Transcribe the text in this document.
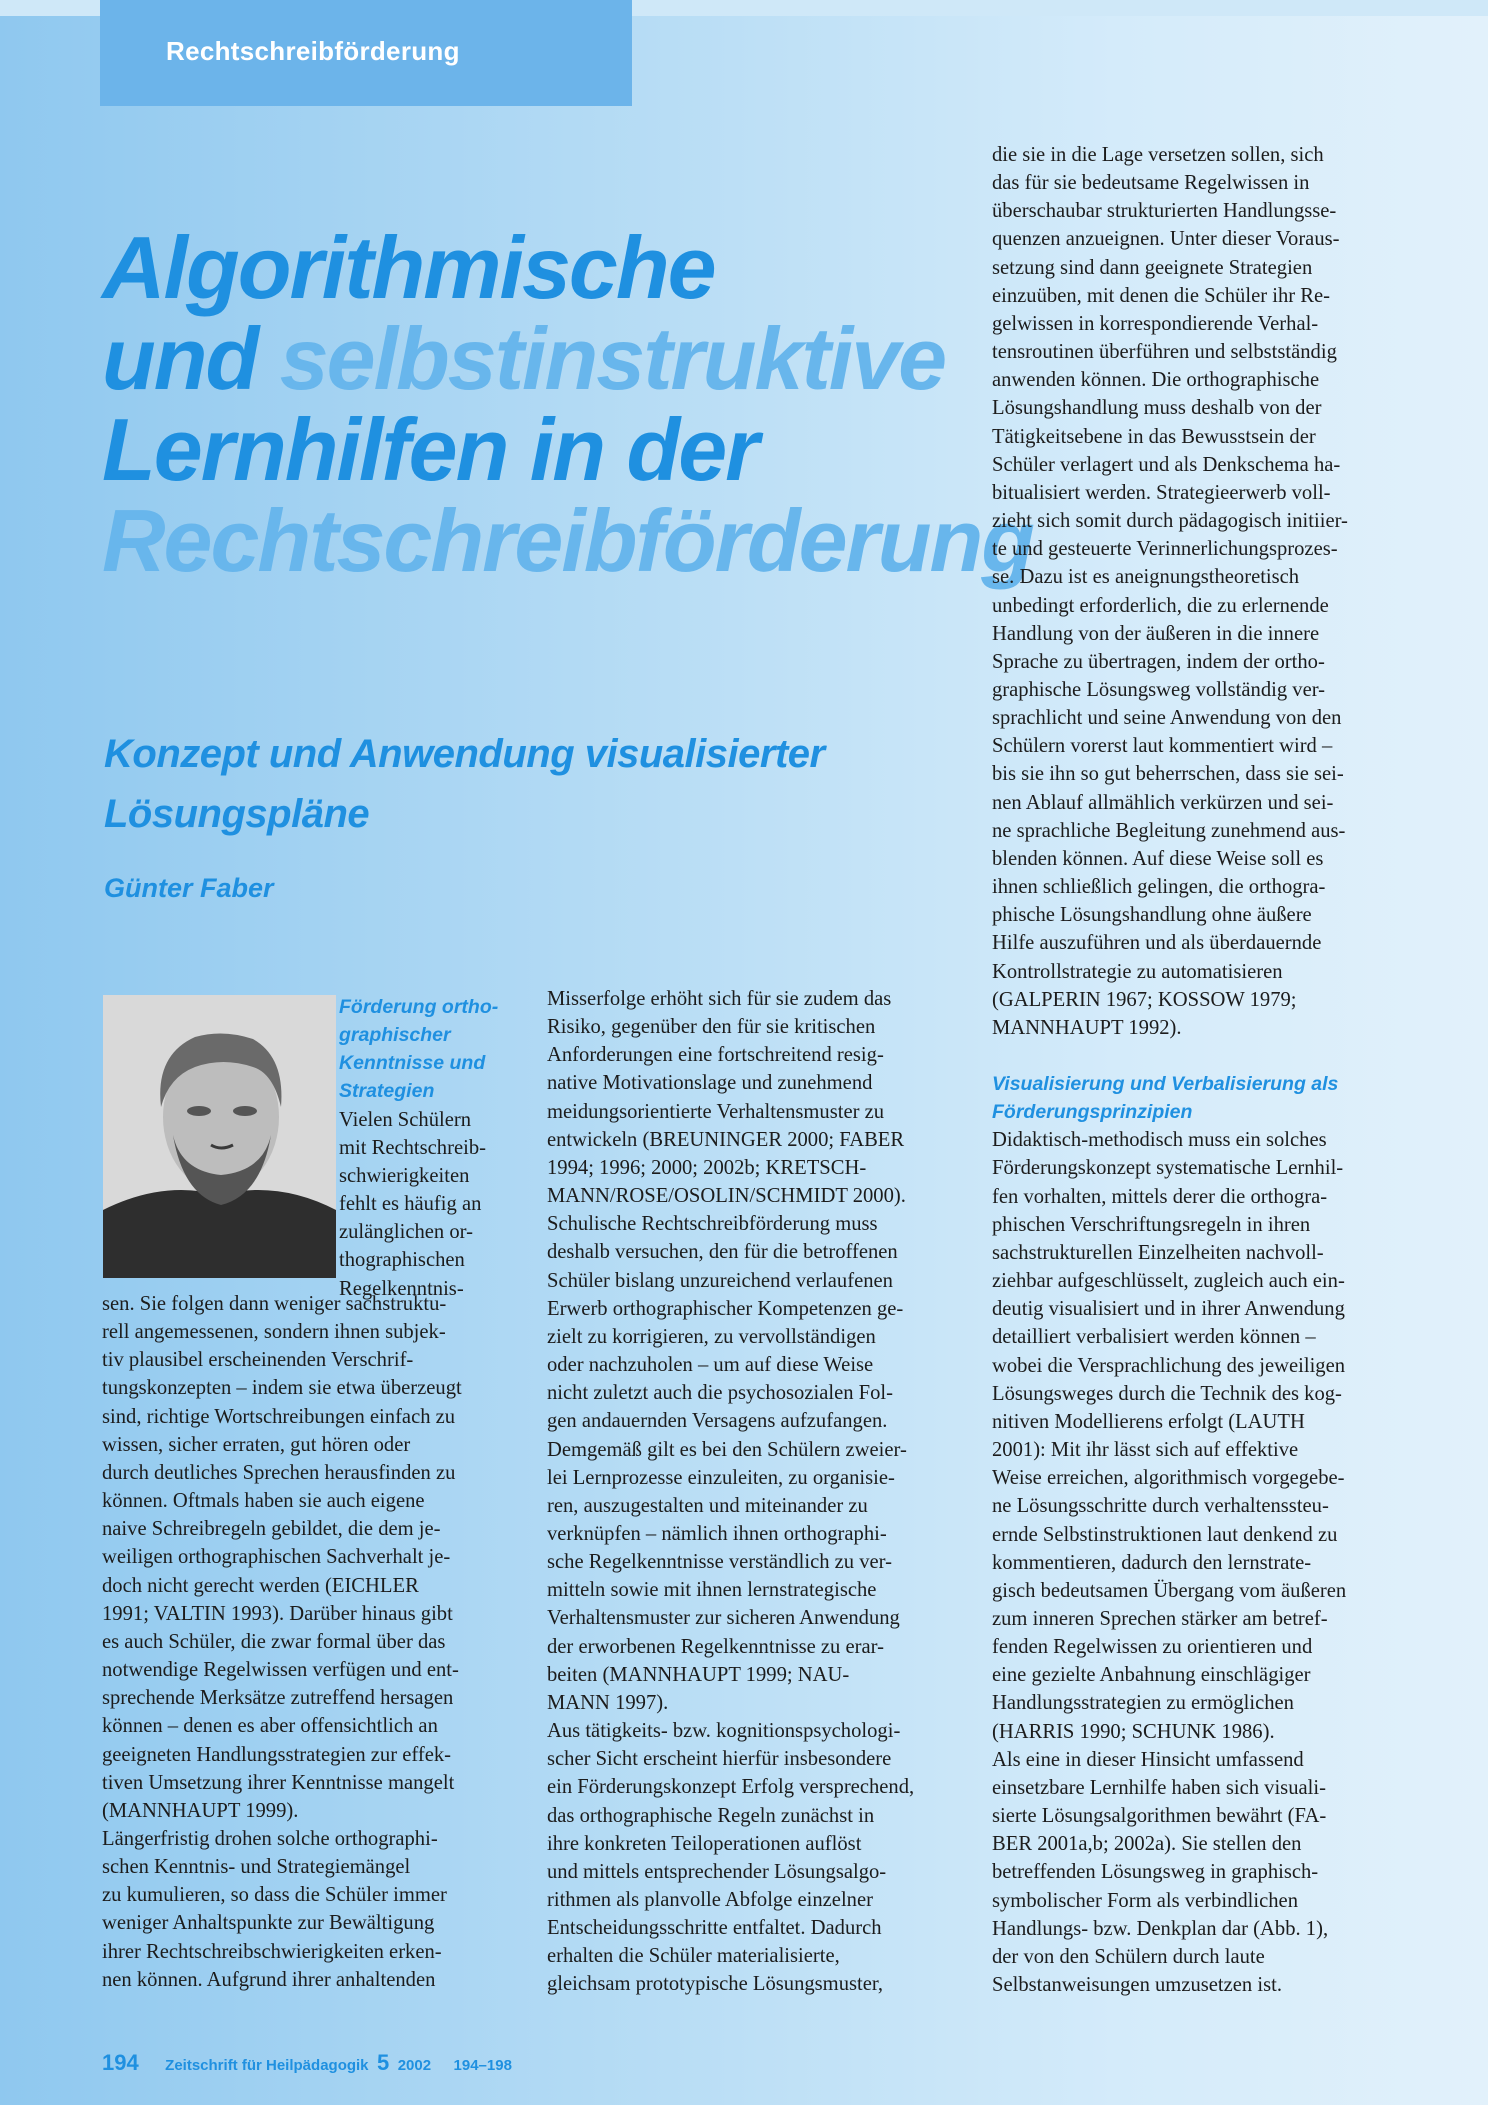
Rechtschreibförderung
Algorithmische
und selbstinstruktive
Lernhilfen in der
Rechtschreibförderung
Konzept und Anwendung visualisierter
Lösungspläne
Günter Faber

Förderung ortho-

graphischer

Kenntnisse und

Strategien

Vielen Schülern

mit Rechtschreib-

schwierigkeiten

fehlt es häufig an

zulänglichen or-

thographischen

Regelkenntnis-

sen. Sie folgen dann weniger sachstruktu-

rell angemessenen, sondern ihnen subjek-

tiv plausibel erscheinenden Verschrif-

tungskonzepten – indem sie etwa überzeugt

sind, richtige Wortschreibungen einfach zu

wissen, sicher erraten, gut hören oder

durch deutliches Sprechen herausfinden zu

können. Oftmals haben sie auch eigene

naive Schreibregeln gebildet, die dem je-

weiligen orthographischen Sachverhalt je-

doch nicht gerecht werden (EICHLER

1991; VALTIN 1993). Darüber hinaus gibt

es auch Schüler, die zwar formal über das

notwendige Regelwissen verfügen und ent-

sprechende Merksätze zutreffend hersagen

können – denen es aber offensichtlich an

geeigneten Handlungsstrategien zur effek-

tiven Umsetzung ihrer Kenntnisse mangelt

(MANNHAUPT 1999).

Längerfristig drohen solche orthographi-

schen Kenntnis- und Strategiemängel

zu kumulieren, so dass die Schüler immer

weniger Anhaltspunkte zur Bewältigung

ihrer Rechtschreibschwierigkeiten erken-

nen können. Aufgrund ihrer anhaltenden

Misserfolge erhöht sich für sie zudem das

Risiko, gegenüber den für sie kritischen

Anforderungen eine fortschreitend resig-

native Motivationslage und zunehmend

meidungsorientierte Verhaltensmuster zu

entwickeln (BREUNINGER 2000; FABER

1994; 1996; 2000; 2002b; KRETSCH-

MANN/ROSE/OSOLIN/SCHMIDT 2000).

Schulische Rechtschreibförderung muss

deshalb versuchen, den für die betroffenen

Schüler bislang unzureichend verlaufenen

Erwerb orthographischer Kompetenzen ge-

zielt zu korrigieren, zu vervollständigen

oder nachzuholen – um auf diese Weise

nicht zuletzt auch die psychosozialen Fol-

gen andauernden Versagens aufzufangen.

Demgemäß gilt es bei den Schülern zweier-

lei Lernprozesse einzuleiten, zu organisie-

ren, auszugestalten und miteinander zu

verknüpfen – nämlich ihnen orthographi-

sche Regelkenntnisse verständlich zu ver-

mitteln sowie mit ihnen lernstrategische

Verhaltensmuster zur sicheren Anwendung

der erworbenen Regelkenntnisse zu erar-

beiten (MANNHAUPT 1999; NAU-

MANN 1997).

Aus tätigkeits- bzw. kognitionspsychologi-

scher Sicht erscheint hierfür insbesondere

ein Förderungskonzept Erfolg versprechend,

das orthographische Regeln zunächst in

ihre konkreten Teiloperationen auflöst

und mittels entsprechender Lösungsalgo-

rithmen als planvolle Abfolge einzelner

Entscheidungsschritte entfaltet. Dadurch

erhalten die Schüler materialisierte,

gleichsam prototypische Lösungsmuster,

die sie in die Lage versetzen sollen, sich

das für sie bedeutsame Regelwissen in

überschaubar strukturierten Handlungsse-

quenzen anzueignen. Unter dieser Voraus-

setzung sind dann geeignete Strategien

einzuüben, mit denen die Schüler ihr Re-

gelwissen in korrespondierende Verhal-

tensroutinen überführen und selbstständig

anwenden können. Die orthographische

Lösungshandlung muss deshalb von der

Tätigkeitsebene in das Bewusstsein der

Schüler verlagert und als Denkschema ha-

bitualisiert werden. Strategieerwerb voll-

zieht sich somit durch pädagogisch initiier-

te und gesteuerte Verinnerlichungsprozes-

se. Dazu ist es aneignungstheoretisch

unbedingt erforderlich, die zu erlernende

Handlung von der äußeren in die innere

Sprache zu übertragen, indem der ortho-

graphische Lösungsweg vollständig ver-

sprachlicht und seine Anwendung von den

Schülern vorerst laut kommentiert wird –

bis sie ihn so gut beherrschen, dass sie sei-

nen Ablauf allmählich verkürzen und sei-

ne sprachliche Begleitung zunehmend aus-

blenden können. Auf diese Weise soll es

ihnen schließlich gelingen, die orthogra-

phische Lösungshandlung ohne äußere

Hilfe auszuführen und als überdauernde

Kontrollstrategie zu automatisieren

(GALPERIN 1967; KOSSOW 1979;

MANNHAUPT 1992).

Visualisierung und Verbalisierung als

Förderungsprinzipien

Didaktisch-methodisch muss ein solches

Förderungskonzept systematische Lernhil-

fen vorhalten, mittels derer die orthogra-

phischen Verschriftungsregeln in ihren

sachstrukturellen Einzelheiten nachvoll-

ziehbar aufgeschlüsselt, zugleich auch ein-

deutig visualisiert und in ihrer Anwendung

detailliert verbalisiert werden können –

wobei die Versprachlichung des jeweiligen

Lösungsweges durch die Technik des kog-

nitiven Modellierens erfolgt (LAUTH

2001): Mit ihr lässt sich auf effektive

Weise erreichen, algorithmisch vorgegebe-

ne Lösungsschritte durch verhaltenssteu-

ernde Selbstinstruktionen laut denkend zu

kommentieren, dadurch den lernstrate-

gisch bedeutsamen Übergang vom äußeren

zum inneren Sprechen stärker am betref-

fenden Regelwissen zu orientieren und

eine gezielte Anbahnung einschlägiger

Handlungsstrategien zu ermöglichen

(HARRIS 1990; SCHUNK 1986).

Als eine in dieser Hinsicht umfassend

einsetzbare Lernhilfe haben sich visuali-

sierte Lösungsalgorithmen bewährt (FA-

BER 2001a,b; 2002a). Sie stellen den

betreffenden Lösungsweg in graphisch-

symbolischer Form als verbindlichen

Handlungs- bzw. Denkplan dar (Abb. 1),

der von den Schülern durch laute

Selbstanweisungen umzusetzen ist.

194 Zeitschrift für Heilpädagogik 5 2002 194–198
